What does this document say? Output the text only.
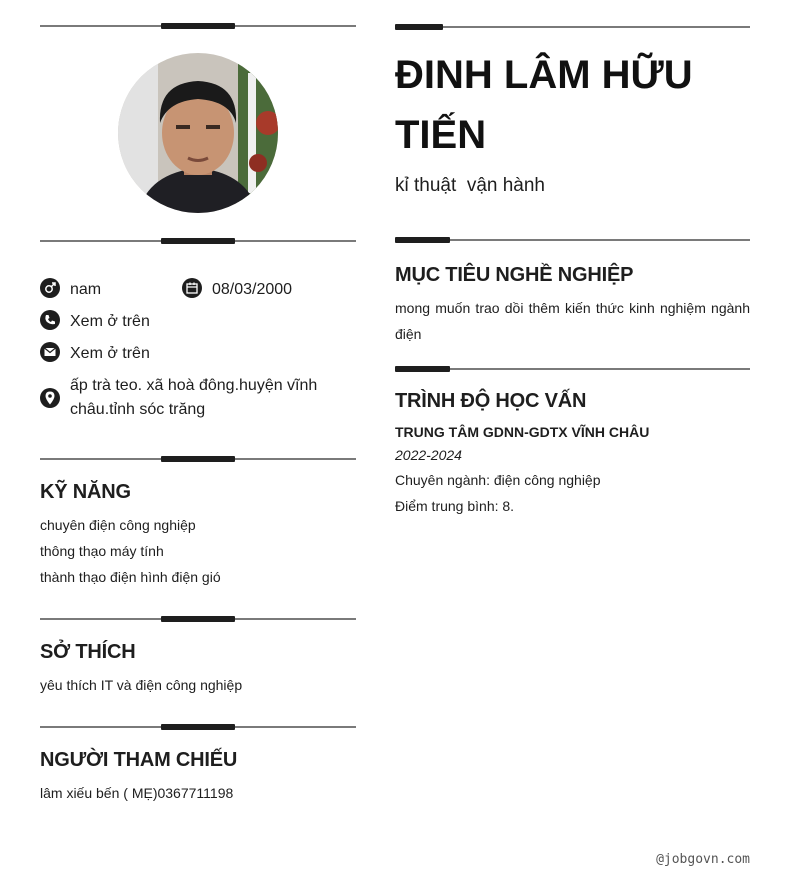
nam	08/03/2000
Xem ở trên
Xem ở trên
ấp trà teo. xã hoà đông.huyện vĩnh châu.tỉnh sóc trăng
KỸ NĂNG
chuyên điện công nghiệp
thông thạo máy tính
thành thạo điện hình điện gió
SỞ THÍCH
yêu thích IT và điện công nghiệp
NGƯỜI THAM CHIẾU
lâm xiếu bến ( MẸ)0367711198
ĐINH LÂM HỮU TIẾN
kỉ thuật  vận hành
MỤC TIÊU NGHỀ NGHIỆP
mong muốn trao dồi thêm kiến thức kinh nghiệm ngành điện
TRÌNH ĐỘ HỌC VẤN
TRUNG TÂM GDNN-GDTX VĨNH CHÂU
2022-2024
Chuyên ngành: điện công nghiệp
Điểm trung bình: 8.
@jobgovn.com
